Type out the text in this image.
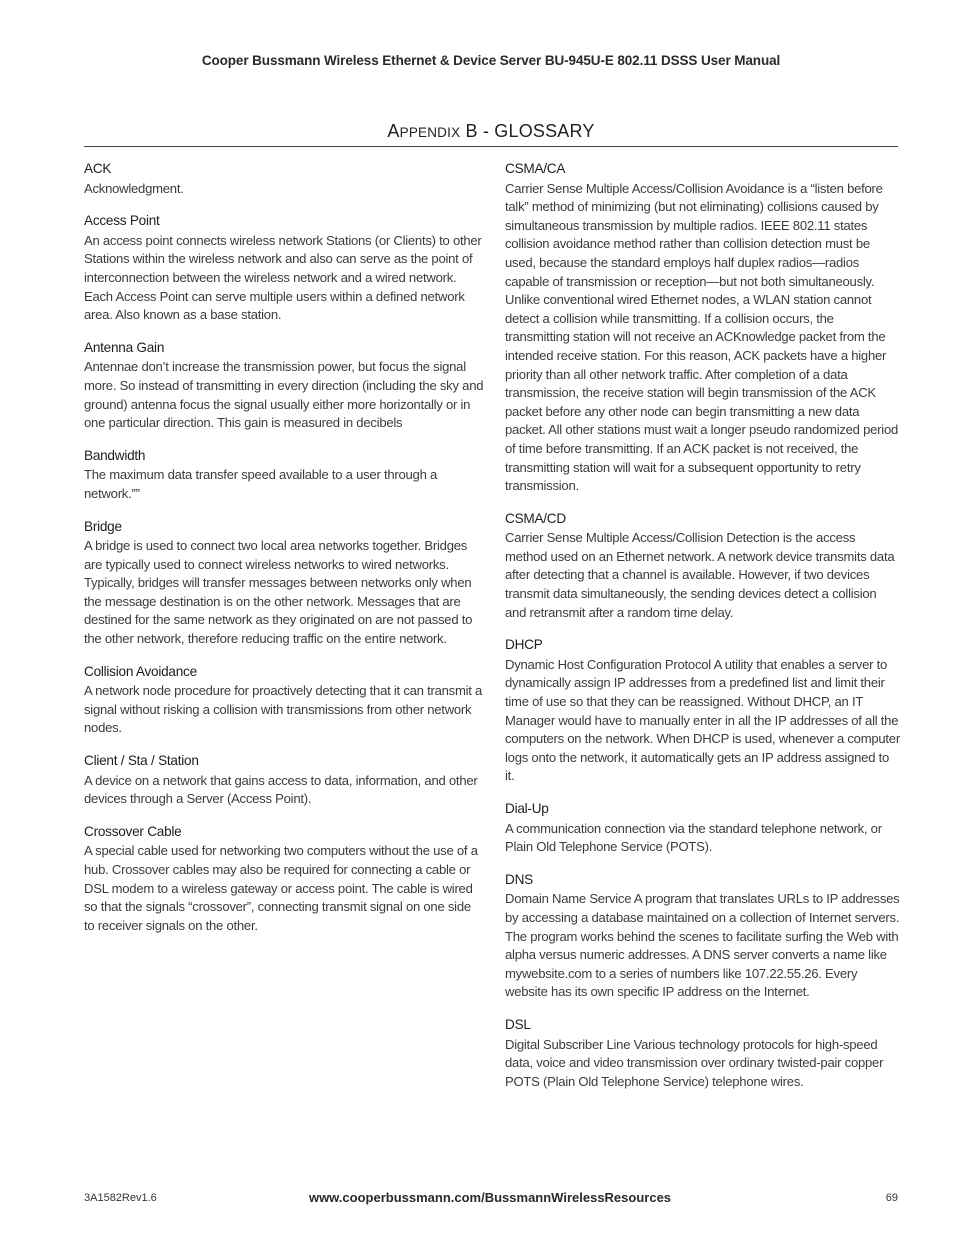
Cooper Bussmann Wireless Ethernet & Device Server BU-945U-E 802.11 DSSS User Manual
APPENDIX B - GLOSSARY
ACK

Acknowledgment.

Access Point

An access point connects wireless network Stations (or Clients) to other Stations within the wireless network and also can serve as the point of interconnection between the wireless network and a wired network. Each Access Point can serve multiple users within a defined network area. Also known as a base station.

Antenna Gain

Antennae don’t increase the transmission power, but focus the signal more. So instead of transmitting in every direction (including the sky and ground) antenna focus the signal usually either more horizontally or in one particular direction. This gain is measured in decibels

Bandwidth

The maximum data transfer speed available to a user through a network.””

Bridge

A bridge is used to connect two local area networks together. Bridges are typically used to connect wireless networks to wired networks. Typically, bridges will transfer messages between networks only when the message destination is on the other network. Messages that are destined for the same network as they originated on are not passed to the other network, therefore reducing traffic on the entire network.

Collision Avoidance

A network node procedure for proactively detecting that it can transmit a signal without risking a collision with transmissions from other network nodes.

Client / Sta / Station

A device on a network that gains access to data, information, and other devices through a Server (Access Point).

Crossover Cable

A special cable used for networking two computers without the use of a hub. Crossover cables may also be required for connecting a cable or DSL modem to a wireless gateway or access point. The cable is wired so that the signals “crossover”, connecting transmit signal on one side to receiver signals on the other.

CSMA/CA

Carrier Sense Multiple Access/Collision Avoidance is a “listen before talk” method of minimizing (but not eliminating) collisions caused by simultaneous transmission by multiple radios. IEEE 802.11 states collision avoidance method rather than collision detection must be used, because the standard employs half duplex radios—radios capable of transmission or reception—but not both simultaneously. Unlike conventional wired Ethernet nodes, a WLAN station cannot detect a collision while transmitting. If a collision occurs, the transmitting station will not receive an ACKnowledge packet from the intended receive station. For this reason, ACK packets have a higher priority than all other network traffic. After completion of a data transmission, the receive station will begin transmission of the ACK packet before any other node can begin transmitting a new data packet. All other stations must wait a longer pseudo randomized period of time before transmitting. If an ACK packet is not received, the transmitting station will wait for a subsequent opportunity to retry transmission.

CSMA/CD

Carrier Sense Multiple Access/Collision Detection is the access method used on an Ethernet network. A network device transmits data after detecting that a channel is available. However, if two devices transmit data simultaneously, the sending devices detect a collision and retransmit after a random time delay.

DHCP

Dynamic Host Configuration Protocol A utility that enables a server to dynamically assign IP addresses from a predefined list and limit their time of use so that they can be reassigned. Without DHCP, an IT Manager would have to manually enter in all the IP addresses of all the computers on the network. When DHCP is used, whenever a computer logs onto the network, it automatically gets an IP address assigned to it.

Dial-Up

A communication connection via the standard telephone network, or Plain Old Telephone Service (POTS).

DNS

Domain Name Service A program that translates URLs to IP addresses by accessing a database maintained on a collection of Internet servers. The program works behind the scenes to facilitate surfing the Web with alpha versus numeric addresses. A DNS server converts a name like mywebsite.com to a series of numbers like 107.22.55.26. Every website has its own specific IP address on the Internet.

DSL

Digital Subscriber Line Various technology protocols for high-speed data, voice and video transmission over ordinary twisted-pair copper POTS (Plain Old Telephone Service) telephone wires.

3A1582Rev1.6	www.cooperbussmann.com/BussmannWirelessResources	69
